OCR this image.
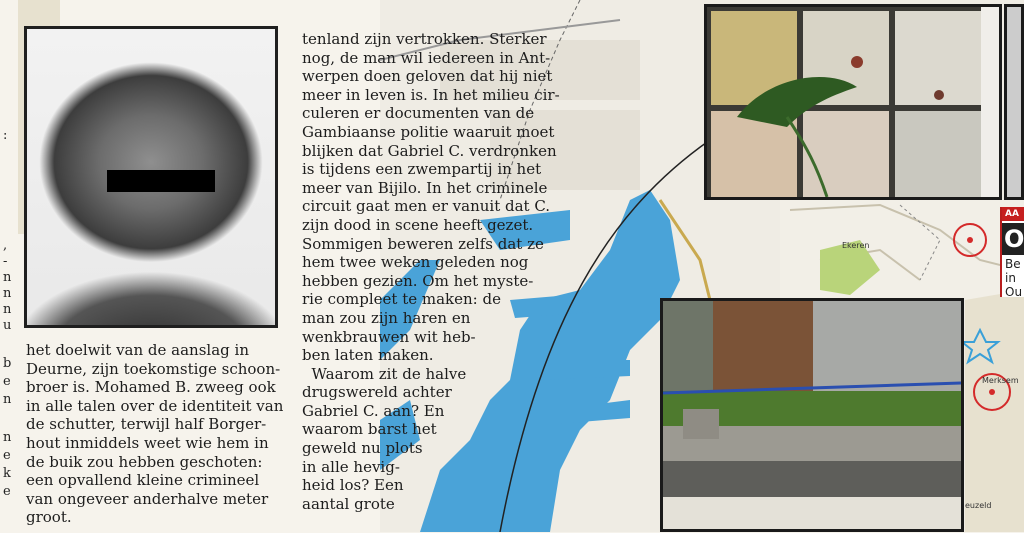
:
,
-
n
n
n
u
b
e
n
n
e
k
e
Ekeren
Merksem
euzeld
AA
O
Be
in
Ou
het doelwit van de aanslag in
Deurne, zijn toekomstige schoon-
broer is. Mohamed B. zweeg ook
in alle talen over de identiteit van
de schutter, terwijl half Borger-
hout inmiddels weet wie hem in
de buik zou hebben geschoten:
een opvallend kleine crimineel
van ongeveer anderhalve meter
groot.
tenland zijn vertrokken. Sterker
nog, de man wil iedereen in Ant-
werpen doen geloven dat hij niet
meer in leven is. In het milieu cir-
culeren er documenten van de
Gambiaanse politie waaruit moet
blijken dat Gabriel C. verdronken
is tijdens een zwempartij in het
meer van Bijilo. In het criminele
circuit gaat men er vanuit dat C.
zijn dood in scene heeft gezet.
Sommigen beweren zelfs dat ze
hem twee weken geleden nog
hebben gezien. Om het myste-
rie compleet te maken: de
man zou zijn haren en
wenkbrauwen wit heb-
ben laten maken.
Waarom zit de halve
drugswereld achter
Gabriel C. aan? En
waarom barst het
geweld nu plots
in alle hevig-
heid los? Een
aantal grote
